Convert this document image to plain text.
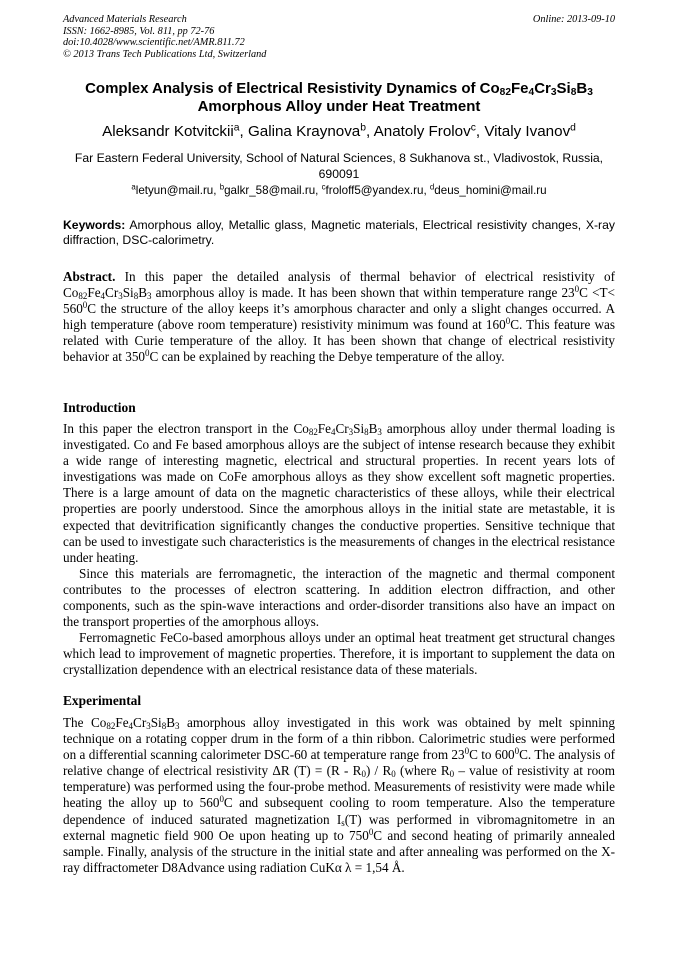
Advanced Materials Research
ISSN: 1662-8985, Vol. 811, pp 72-76
doi:10.4028/www.scientific.net/AMR.811.72
© 2013 Trans Tech Publications Ltd, Switzerland
Online: 2013-09-10
Complex Analysis of Electrical Resistivity Dynamics of $Co_{82}Fe_4Cr_3Si_8B_3$
Amorphous Alloy under Heat Treatment
Aleksandr Kotvitckii$^a$, Galina Kraynova$^b$, Anatoly Frolov$^c$, Vitaly Ivanov$^d$
Far Eastern Federal University, School of Natural Sciences, 8 Sukhanova st., Vladivostok, Russia, 690091
$^a$letyun@mail.ru, $^b$galkr_58@mail.ru, $^c$froloff5@yandex.ru, $^d$deus_homini@mail.ru
Keywords: Amorphous alloy, Metallic glass, Magnetic materials, Electrical resistivity changes, X-ray diffraction, DSC-calorimetry.
Abstract. In this paper the detailed analysis of thermal behavior of electrical resistivity of $Co_{82}Fe_4Cr_3Si_8B_3$ amorphous alloy is made. It has been shown that within temperature range $23^0C <T< 560^0C$ the structure of the alloy keeps it’s amorphous character and only a slight changes occurred. A high temperature (above room temperature) resistivity minimum was found at $160^0C$. This feature was related with Curie temperature of the alloy. It has been shown that change of electrical resistivity behavior at $350^0C$ can be explained by reaching the Debye temperature of the alloy.
Introduction

In this paper the electron transport in the $Co_{82}Fe_4Cr_3Si_8B_3$ amorphous alloy under thermal loading is investigated. Co and Fe based amorphous alloys are the subject of intense research because they exhibit a wide range of interesting magnetic, electrical and structural properties. In recent years lots of investigations was made on CoFe amorphous alloys as they show excellent soft magnetic properties. There is a large amount of data on the magnetic characteristics of these alloys, while their electrical properties are poorly understood. Since the amorphous alloys in the initial state are metastable, it is expected that devitrification significantly changes the conductive properties. Sensitive technique that can be used to investigate such characteristics is the measurements of changes in the electrical resistance under heating.

Since this materials are ferromagnetic, the interaction of the magnetic and thermal component contributes to the processes of electron scattering. In addition electron diffraction, and other components, such as the spin-wave interactions and order-disorder transitions also have an impact on the transport properties of the amorphous alloys.

Ferromagnetic FeCo-based amorphous alloys under an optimal heat treatment get structural changes which lead to improvement of magnetic properties. Therefore, it is important to supplement the data on crystallization dependence with an electrical resistance data of these materials.

Experimental

The $Co_{82}Fe_4Cr_3Si_8B_3$ amorphous alloy investigated in this work was obtained by melt spinning technique on a rotating copper drum in the form of a thin ribbon. Calorimetric studies were performed on a differential scanning calorimeter DSC-60 at temperature range from $23^0C$ to $600^0C$. The analysis of relative change of electrical resistivity ΔR $(T) = (R - R_0) / R_0$ (where $R_0$ – value of resistivity at room temperature) was performed using the four-probe method. Measurements of resistivity were made while heating the alloy up to $560^0C$ and subsequent cooling to room temperature. Also the temperature dependence of induced saturated magnetization $I_s(T)$ was performed in vibromagnitometre in an external magnetic field 900 Oe upon heating up to $750^0C$ and second heating of primarily annealed sample. Finally, analysis of the structure in the initial state and after annealing was performed on the X-ray diffractometer D8Advance using radiation CuKα λ = 1,54 Å.
